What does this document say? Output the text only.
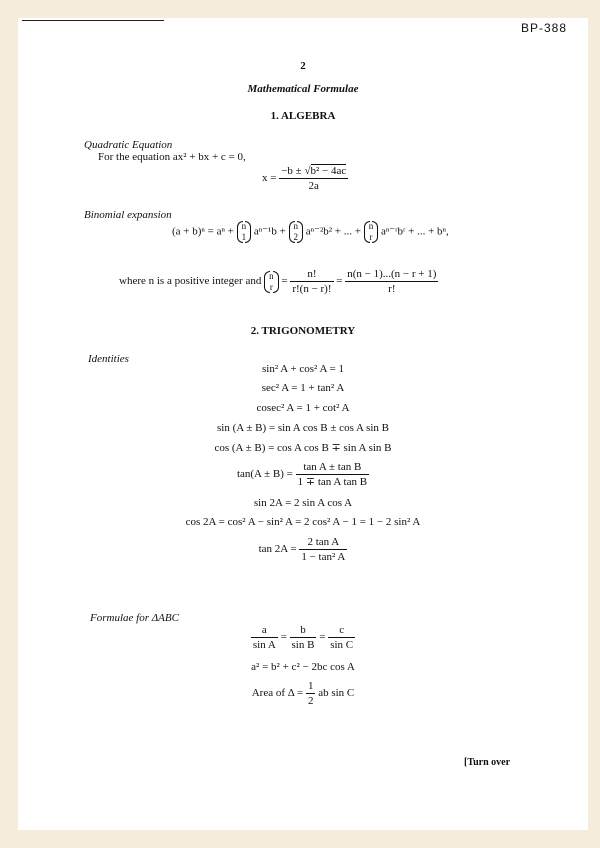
BP-388
2
Mathematical Formulae
1. ALGEBRA
Quadratic Equation
For the equation ax² + bx + c = 0,
$x = \frac{\text{−b ± √b² − 4ac}}{2a}$
Binomial expansion
(a + b)ⁿ = aⁿ + n
1 aⁿ⁻¹b + n
2 aⁿ⁻²b² + ... + n
r aⁿ⁻ʳbʳ + ... + bⁿ,
where n is a positive integer and n
$r = \frac{n!}{r!(n - r)!} = \frac{n(n - 1)...(n - r + 1)}{r!}$
2. TRIGONOMETRY
Identities
sin² A + cos² A = 1
sec² A = 1 + tan² A
cosec² A = 1 + cot² A
sin (A ± B) = sin A cos B ± cos A sin B
cos (A ± B) = cos A cos B ∓ sin A sin B
$\tan(A \pm B) = \frac{\text{tan A ± tan B}}{\text{1 ∓ tan A tan B}}$
sin 2A = 2 sin A cos A
cos 2A = cos² A − sin² A = 2 cos² A − 1 = 1 − 2 sin² A
$\tan 2A = \frac{\text{2 tan A}}{\text{1 − tan² A}}$
Formulae for ΔABC
$\frac{a}{\text{sin A}} = \frac{b}{\text{sin B}} = \frac{c}{\text{sin C}}$
a² = b² + c² − 2bc cos A
Area of $\Delta = \frac{1}{2}$ ab sin C
[Turn over
